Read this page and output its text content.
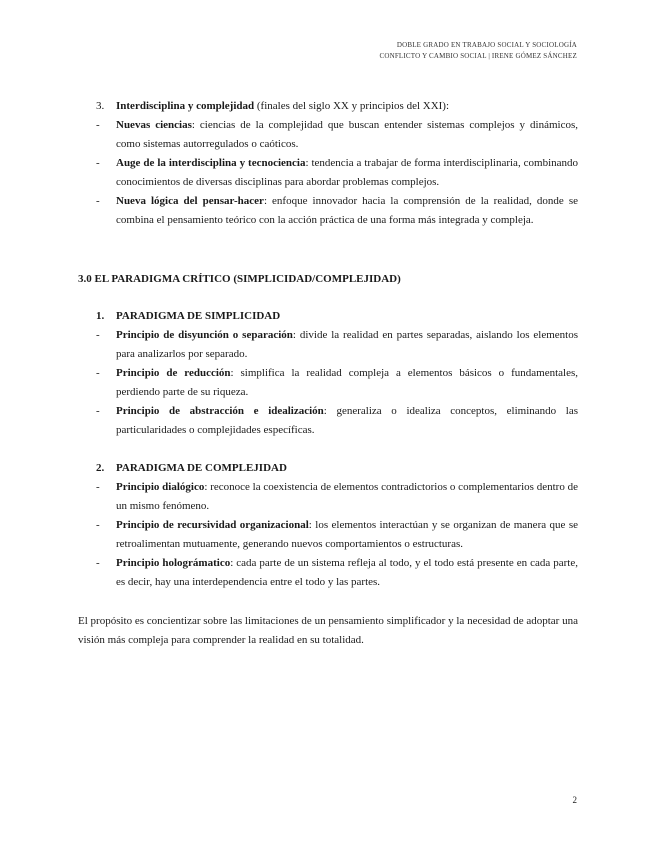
DOBLE GRADO EN TRABAJO SOCIAL Y SOCIOLOGÍA
CONFLICTO Y CAMBIO SOCIAL | IRENE GÓMEZ SÁNCHEZ
3. Interdisciplina y complejidad (finales del siglo XX y principios del XXI):
- Nuevas ciencias: ciencias de la complejidad que buscan entender sistemas complejos y dinámicos, como sistemas autorregulados o caóticos.
- Auge de la interdisciplina y tecnociencia: tendencia a trabajar de forma interdisciplinaria, combinando conocimientos de diversas disciplinas para abordar problemas complejos.
- Nueva lógica del pensar-hacer: enfoque innovador hacia la comprensión de la realidad, donde se combina el pensamiento teórico con la acción práctica de una forma más integrada y compleja.
3.0 EL PARADIGMA CRÍTICO (SIMPLICIDAD/COMPLEJIDAD)
1. PARADIGMA DE SIMPLICIDAD
- Principio de disyunción o separación: divide la realidad en partes separadas, aislando los elementos para analizarlos por separado.
- Principio de reducción: simplifica la realidad compleja a elementos básicos o fundamentales, perdiendo parte de su riqueza.
- Principio de abstracción e idealización: generaliza o idealiza conceptos, eliminando las particularidades o complejidades específicas.
2. PARADIGMA DE COMPLEJIDAD
- Principio dialógico: reconoce la coexistencia de elementos contradictorios o complementarios dentro de un mismo fenómeno.
- Principio de recursividad organizacional: los elementos interactúan y se organizan de manera que se retroalimentan mutuamente, generando nuevos comportamientos o estructuras.
- Principio holográmatico: cada parte de un sistema refleja al todo, y el todo está presente en cada parte, es decir, hay una interdependencia entre el todo y las partes.
El propósito es concientizar sobre las limitaciones de un pensamiento simplificador y la necesidad de adoptar una visión más compleja para comprender la realidad en su totalidad.
2
